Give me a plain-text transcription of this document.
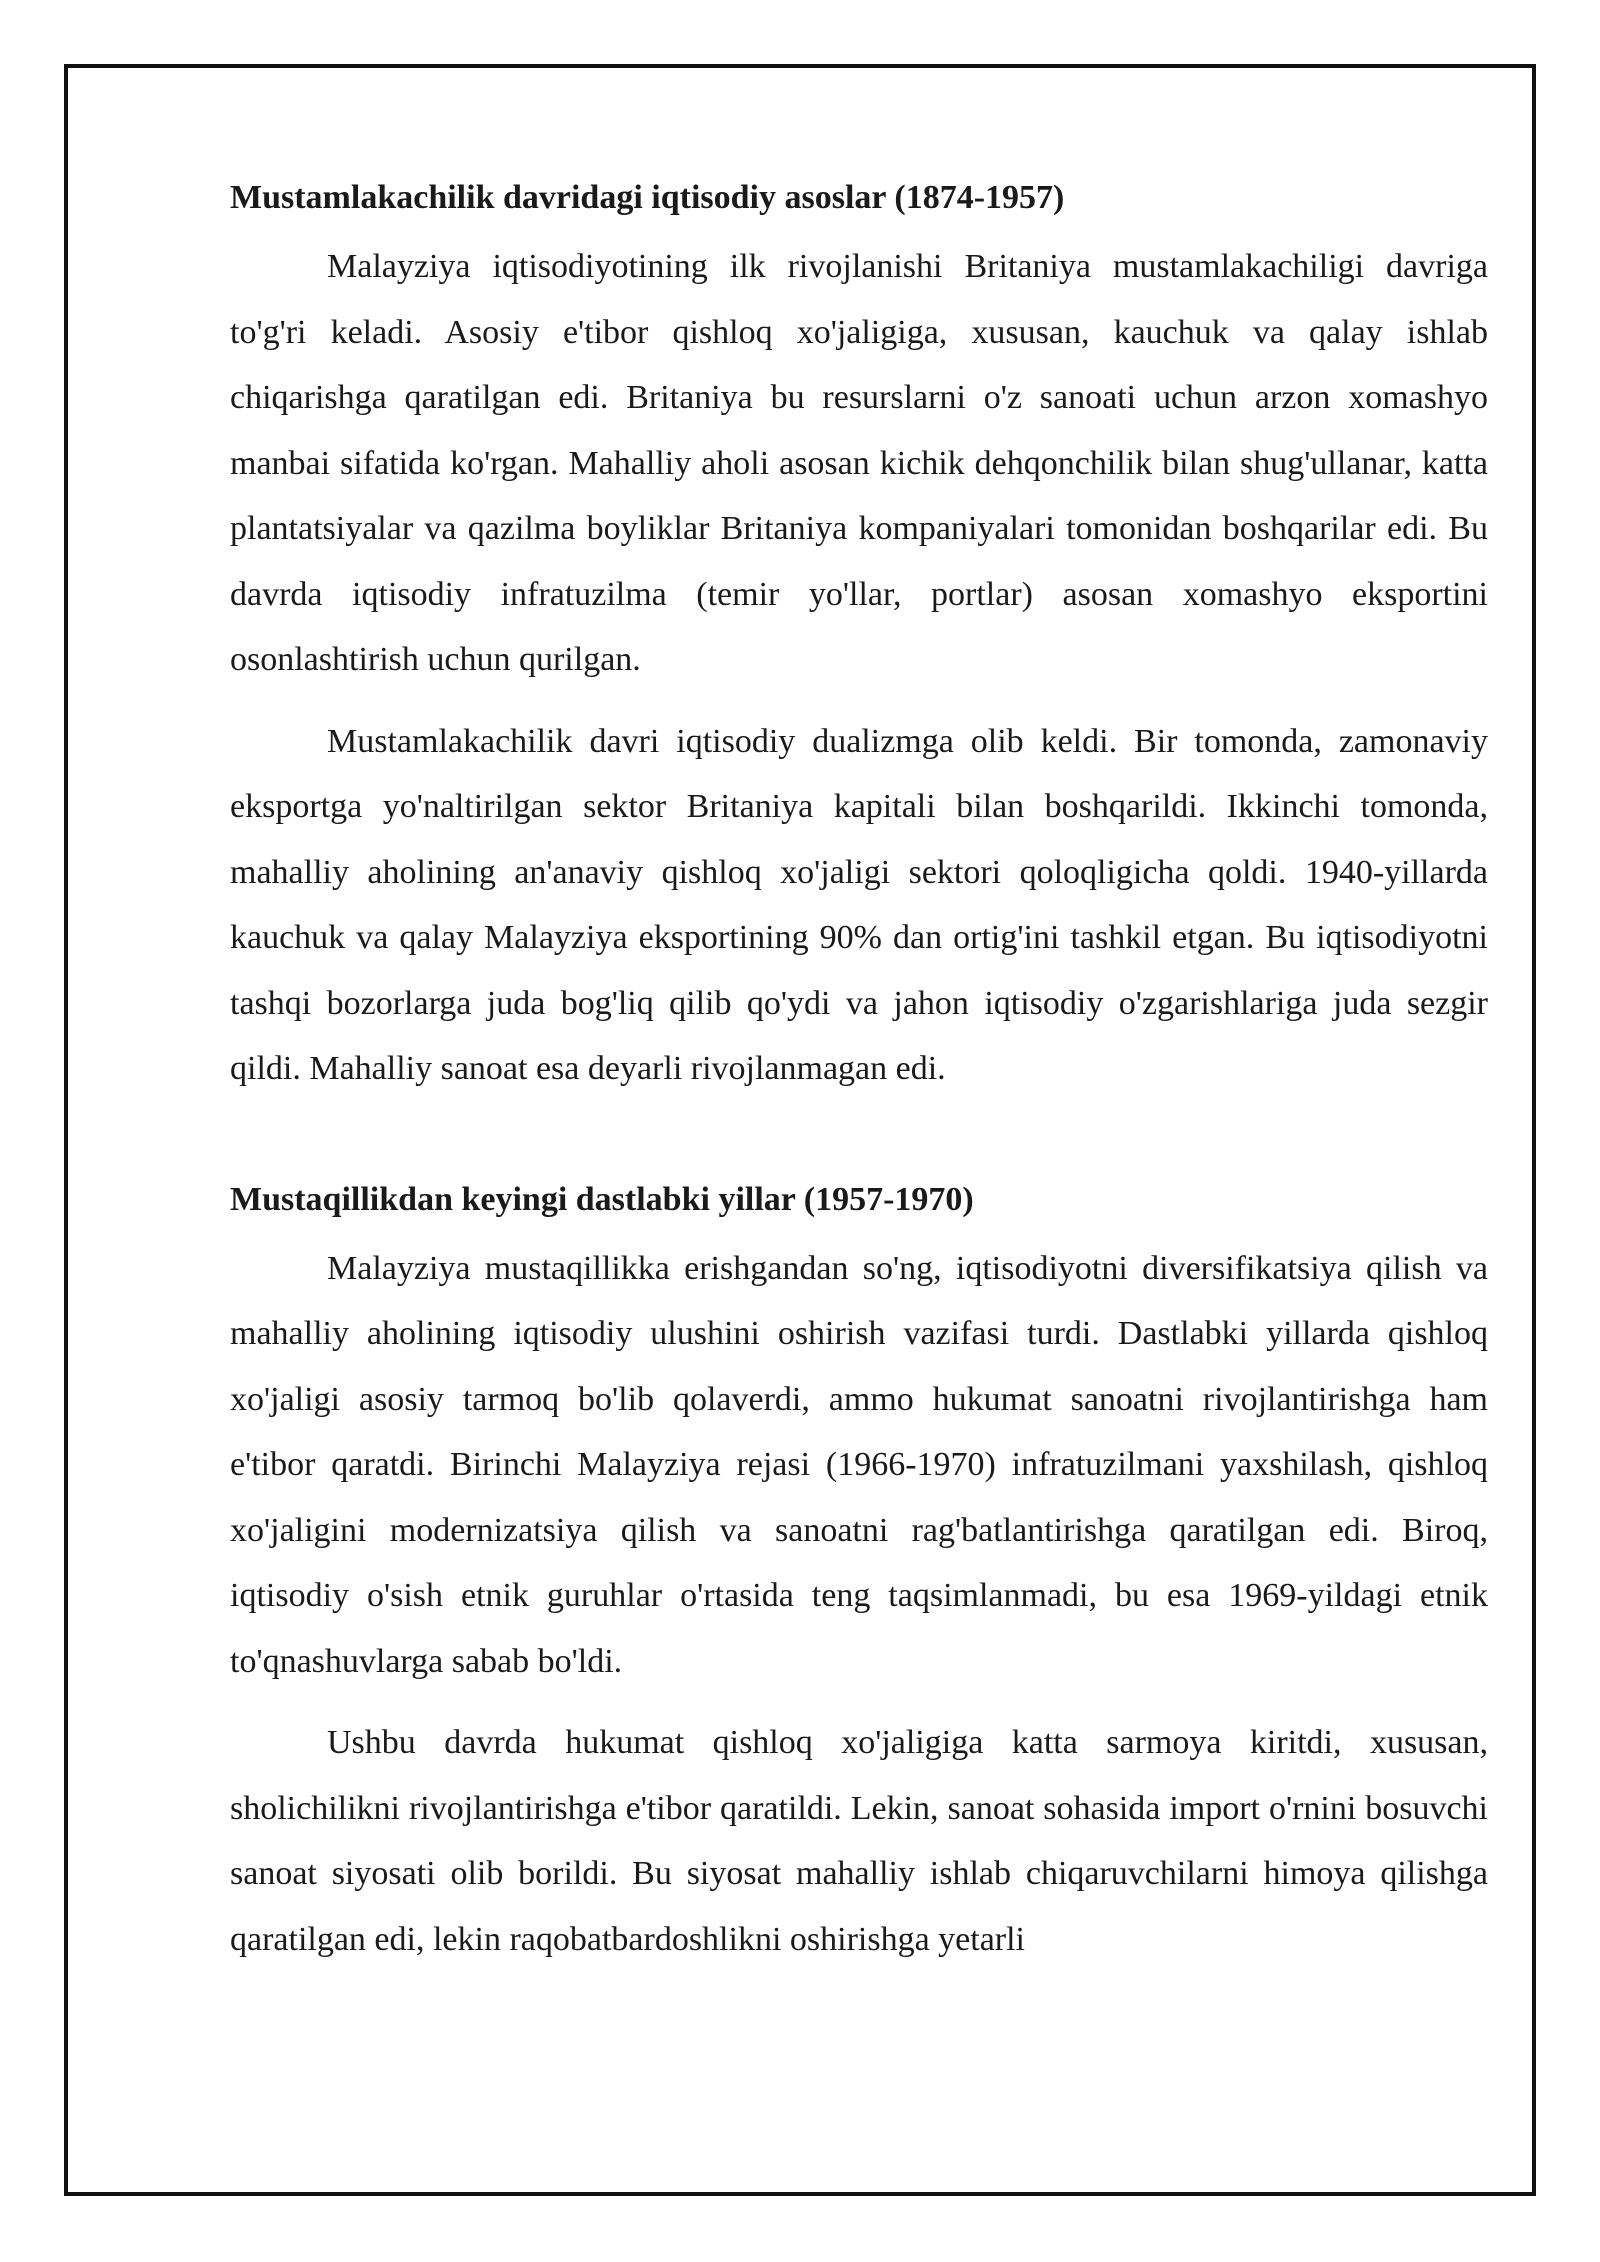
Mustamlakachilik davridagi iqtisodiy asoslar (1874-1957)

Malayziya iqtisodiyotining ilk rivojlanishi Britaniya mustamlakachiligi davriga to'g'ri keladi. Asosiy e'tibor qishloq xo'jaligiga, xususan, kauchuk va qalay ishlab chiqarishga qaratilgan edi. Britaniya bu resurslarni o'z sanoati uchun arzon xomashyo manbai sifatida ko'rgan. Mahalliy aholi asosan kichik dehqonchilik bilan shug'ullanar, katta plantatsiyalar va qazilma boyliklar Britaniya kompaniyalari tomonidan boshqarilar edi. Bu davrda iqtisodiy infratuzilma (temir yo'llar, portlar) asosan xomashyo eksportini osonlashtirish uchun qurilgan.

Mustamlakachilik davri iqtisodiy dualizmga olib keldi. Bir tomonda, zamonaviy eksportga yo'naltirilgan sektor Britaniya kapitali bilan boshqarildi. Ikkinchi tomonda, mahalliy aholining an'anaviy qishloq xo'jaligi sektori qoloqligicha qoldi. 1940-yillarda kauchuk va qalay Malayziya eksportining 90% dan ortig'ini tashkil etgan. Bu iqtisodiyotni tashqi bozorlarga juda bog'liq qilib qo'ydi va jahon iqtisodiy o'zgarishlariga juda sezgir qildi. Mahalliy sanoat esa deyarli rivojlanmagan edi.

Mustaqillikdan keyingi dastlabki yillar (1957-1970)

Malayziya mustaqillikka erishgandan so'ng, iqtisodiyotni diversifikatsiya qilish va mahalliy aholining iqtisodiy ulushini oshirish vazifasi turdi. Dastlabki yillarda qishloq xo'jaligi asosiy tarmoq bo'lib qolaverdi, ammo hukumat sanoatni rivojlantirishga ham e'tibor qaratdi. Birinchi Malayziya rejasi (1966-1970) infratuzilmani yaxshilash, qishloq xo'jaligini modernizatsiya qilish va sanoatni rag'batlantirishga qaratilgan edi. Biroq, iqtisodiy o'sish etnik guruhlar o'rtasida teng taqsimlanmadi, bu esa 1969-yildagi etnik to'qnashuvlarga sabab bo'ldi.

Ushbu davrda hukumat qishloq xo'jaligiga katta sarmoya kiritdi, xususan, sholichilikni rivojlantirishga e'tibor qaratildi. Lekin, sanoat sohasida import o'rnini bosuvchi sanoat siyosati olib borildi. Bu siyosat mahalliy ishlab chiqaruvchilarni himoya qilishga qaratilgan edi, lekin raqobatbardoshlikni oshirishga yetarli
